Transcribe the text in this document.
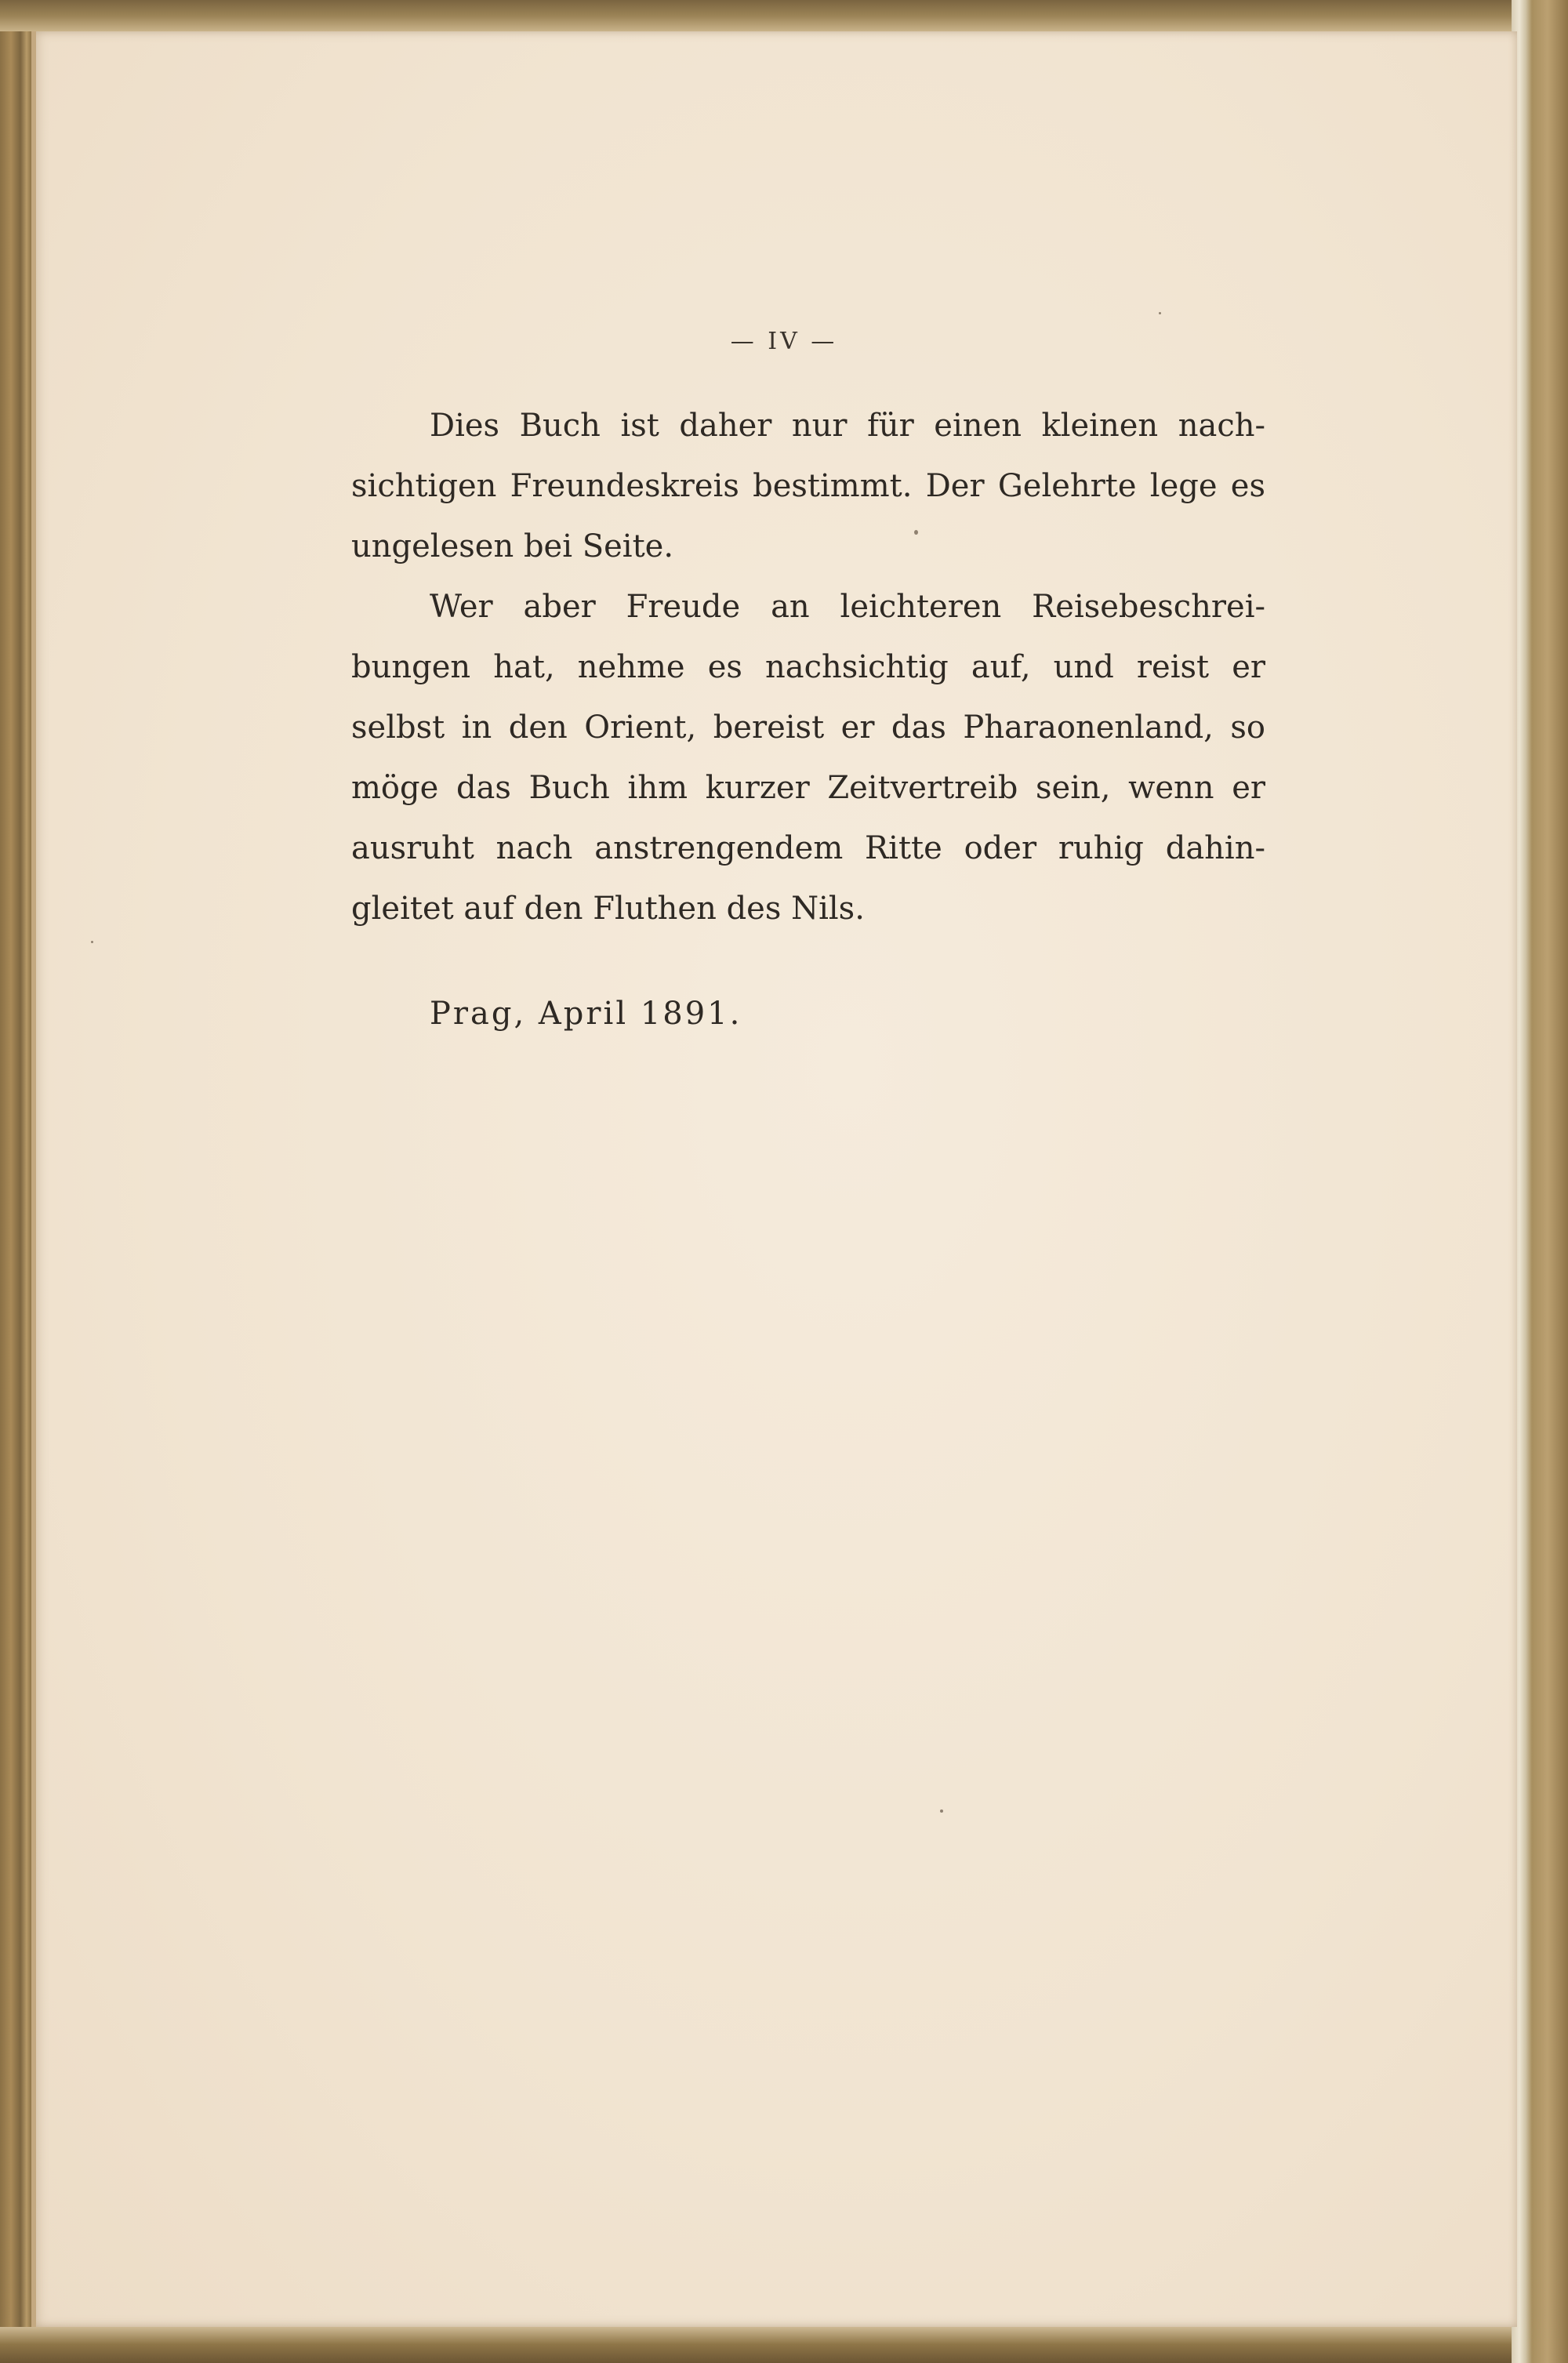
— IV —

Dies Buch ist daher nur für einen kleinen nachsichtigen Freundeskreis bestimmt. Der Gelehrte lege es ungelesen bei Seite.

Wer aber Freude an leichteren Reisebeschreibungen hat, nehme es nachsichtig auf, und reist er selbst in den Orient, bereist er das Pharaonenland, so möge das Buch ihm kurzer Zeitvertreib sein, wenn er ausruht nach anstrengendem Ritte oder ruhig dahingleitet auf den Fluthen des Nils.

Prag, April 1891.
